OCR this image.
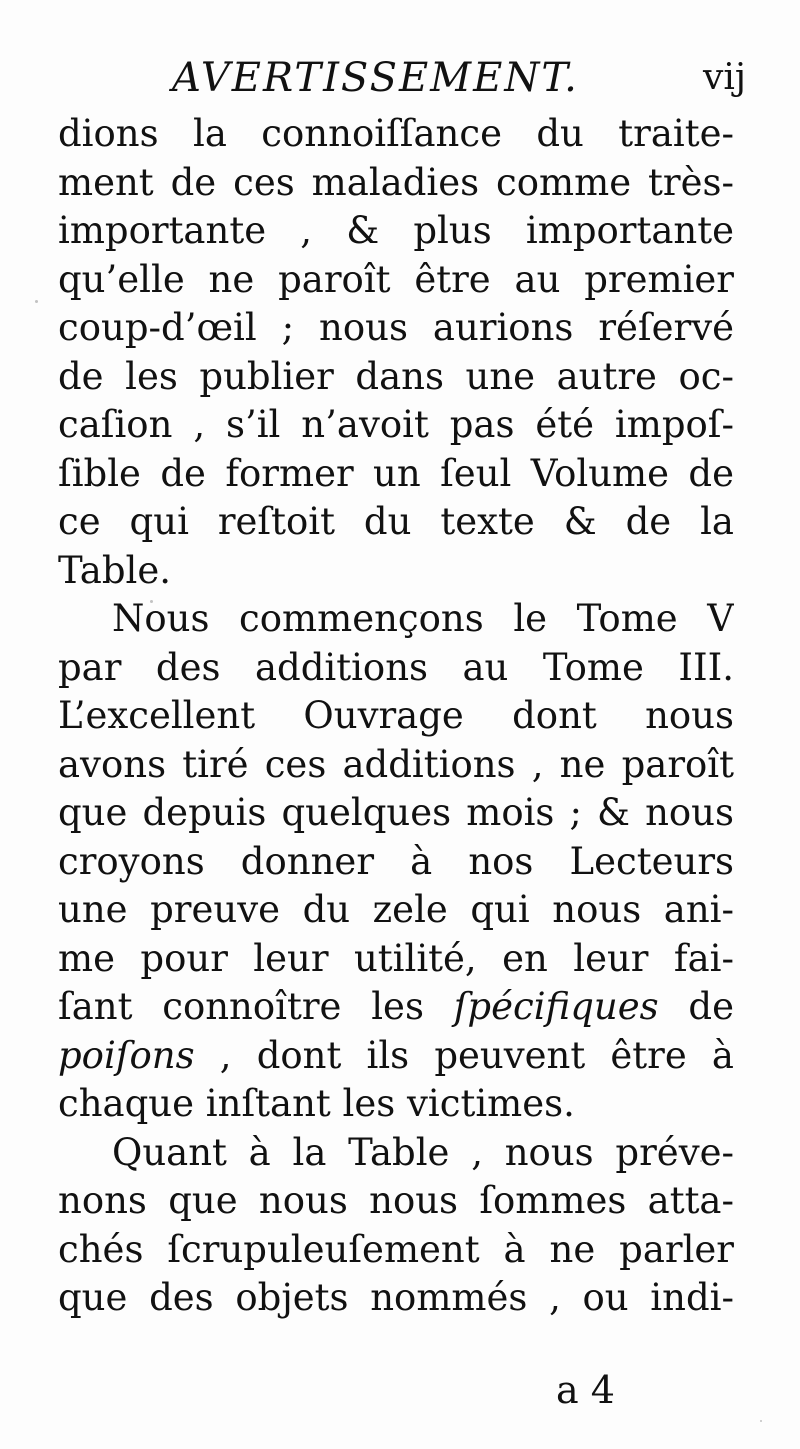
AVERTISSEMENT.	vij
dions la connoiſſance du traite-
ment de ces maladies comme très-
importante , & plus importante
qu’elle ne paroît être au premier
coup-d’œil ; nous aurions réſervé
de les publier dans une autre oc-
caſion , s’il n’avoit pas été impoſ-
ſible de former un ſeul Volume de
ce qui reſtoit du texte & de la
Table.
Nous commençons le Tome V
par des additions au Tome III.
L’excellent Ouvrage dont nous
avons tiré ces additions , ne paroît
que depuis quelques mois ; & nous
croyons donner à nos Lecteurs
une preuve du zele qui nous ani-
me pour leur utilité, en leur fai-
ſant connoître les ſpécifiques de
poiſons , dont ils peuvent être à
chaque inſtant les victimes.
Quant à la Table , nous préve-
nons que nous nous ſommes atta-
chés ſcrupuleuſement à ne parler
que des objets nommés , ou indi-
a 4
